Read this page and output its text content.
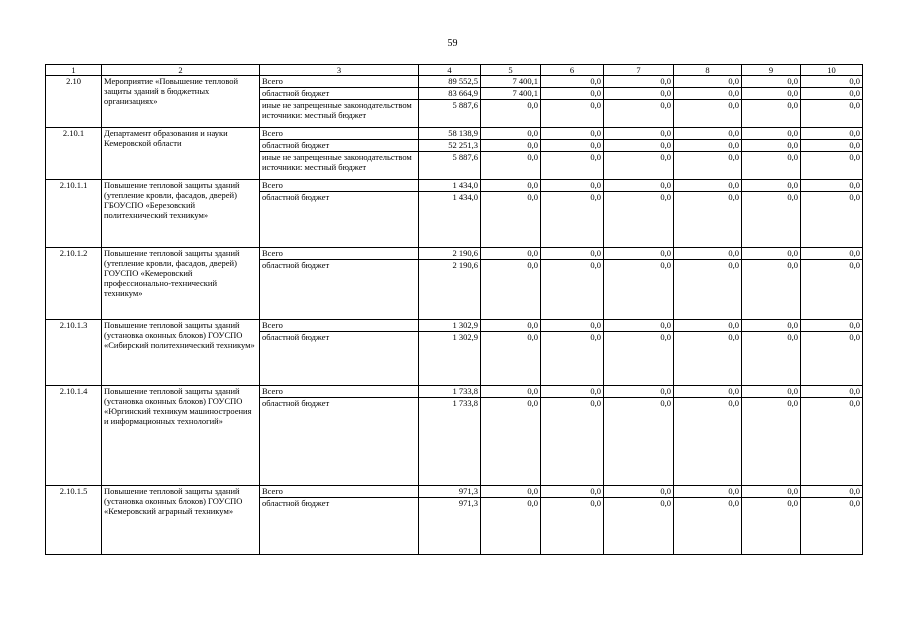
59
1	2	3	4	5	6	7	8	9	10
2.10	Мероприятие «Повышение тепловой защиты зданий в бюджетных организациях»	Всего	89 552,5	7 400,1	0,0	0,0	0,0	0,0	0,0
		областной бюджет	83 664,9	7 400,1	0,0	0,0	0,0	0,0	0,0
		иные не запрещенные законодательством источники: местный бюджет	5 887,6	0,0	0,0	0,0	0,0	0,0	0,0
2.10.1	Департамент образования и науки Кемеровской области	Всего	58 138,9	0,0	0,0	0,0	0,0	0,0	0,0
		областной бюджет	52 251,3	0,0	0,0	0,0	0,0	0,0	0,0
		иные не запрещенные законодательством источники: местный бюджет	5 887,6	0,0	0,0	0,0	0,0	0,0	0,0
2.10.1.1	Повышение тепловой защиты зданий (утепление кровли, фасадов, дверей) ГБОУСПО «Березовский политехнический техникум»	Всего	1 434,0	0,0	0,0	0,0	0,0	0,0	0,0
		областной бюджет	1 434,0	0,0	0,0	0,0	0,0	0,0	0,0
2.10.1.2	Повышение тепловой защиты зданий (утепление кровли, фасадов, дверей) ГОУСПО «Кемеровский профессионально-технический техникум»	Всего	2 190,6	0,0	0,0	0,0	0,0	0,0	0,0
		областной бюджет	2 190,6	0,0	0,0	0,0	0,0	0,0	0,0
2.10.1.3	Повышение тепловой защиты зданий (установка оконных блоков) ГОУСПО «Сибирский политехнический техникум»	Всего	1 302,9	0,0	0,0	0,0	0,0	0,0	0,0
		областной бюджет	1 302,9	0,0	0,0	0,0	0,0	0,0	0,0
2.10.1.4	Повышение тепловой защиты зданий (установка оконных блоков) ГОУСПО «Юргинский техникум машиностроения и информационных технологий»	Всего	1 733,8	0,0	0,0	0,0	0,0	0,0	0,0
		областной бюджет	1 733,8	0,0	0,0	0,0	0,0	0,0	0,0
2.10.1.5	Повышение тепловой защиты зданий (установка оконных блоков) ГОУСПО «Кемеровский аграрный техникум»	Всего	971,3	0,0	0,0	0,0	0,0	0,0	0,0
		областной бюджет	971,3	0,0	0,0	0,0	0,0	0,0	0,0
